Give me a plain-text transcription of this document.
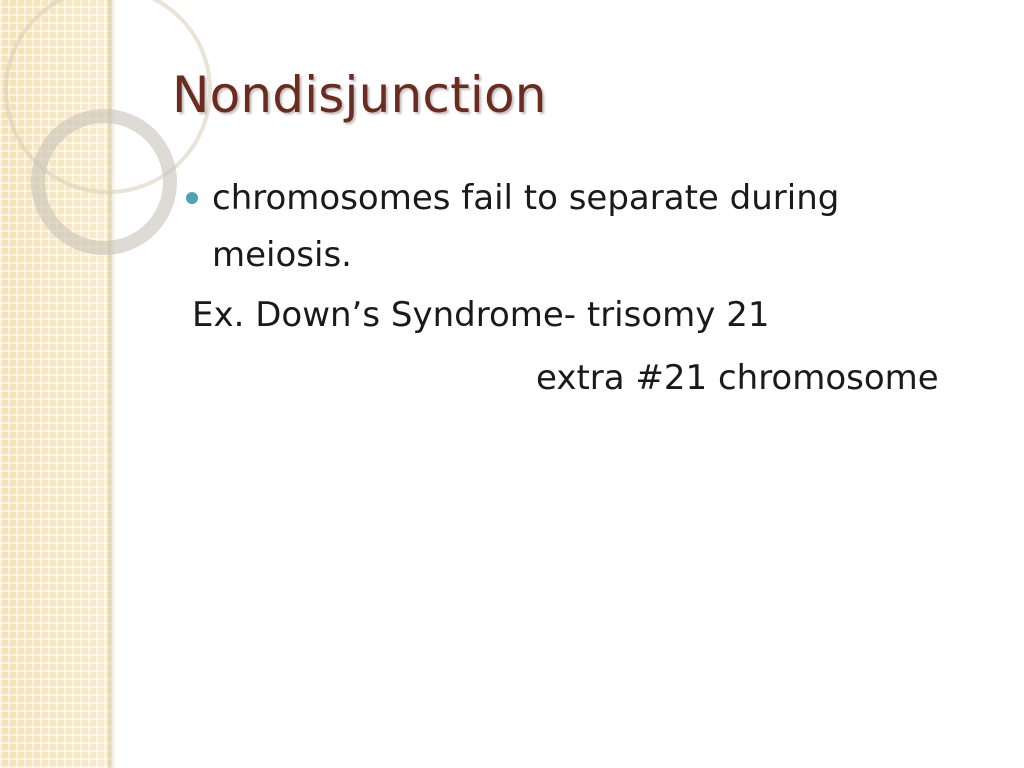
Nondisjunction
chromosomes fail to separate during
meiosis.
Ex. Down’s Syndrome- trisomy 21
extra #21 chromosome
